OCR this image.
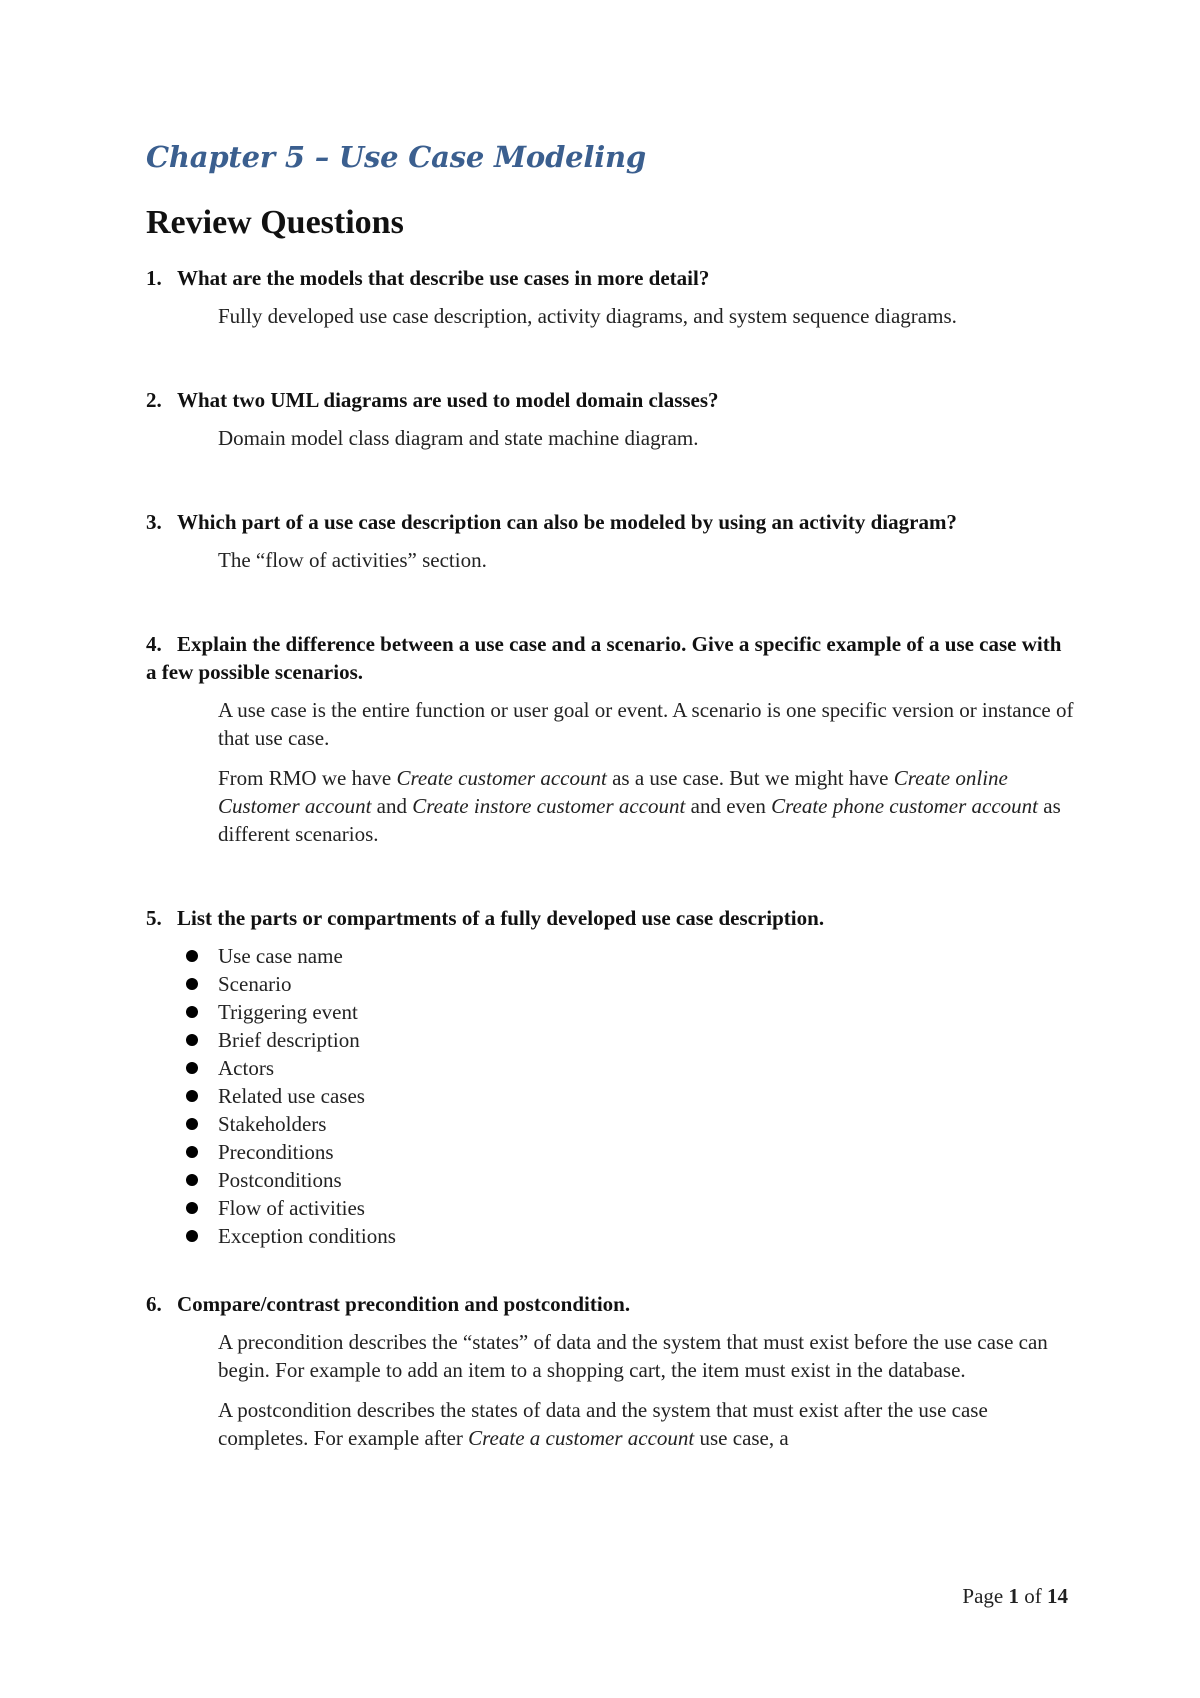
Chapter 5 – Use Case Modeling
Review Questions

1. What are the models that describe use cases in more detail?

Fully developed use case description, activity diagrams, and system sequence diagrams.

2. What two UML diagrams are used to model domain classes?

Domain model class diagram and state machine diagram.

3. Which part of a use case description can also be modeled by using an activity diagram?

The “flow of activities” section.

4. Explain the difference between a use case and a scenario. Give a specific example of a use case with a few possible scenarios.

A use case is the entire function or user goal or event. A scenario is one specific version or instance of that use case.

From RMO we have Create customer account as a use case. But we might have Create online Customer account and Create instore customer account and even Create phone customer account as different scenarios.

5. List the parts or compartments of a fully developed use case description.

Use case name
Scenario
Triggering event
Brief description
Actors
Related use cases
Stakeholders
Preconditions
Postconditions
Flow of activities
Exception conditions

6. Compare/contrast precondition and postcondition.

A precondition describes the “states” of data and the system that must exist before the use case can begin. For example to add an item to a shopping cart, the item must exist in the database.

A postcondition describes the states of data and the system that must exist after the use case completes. For example after Create a customer account use case, a

Page 1 of 14
